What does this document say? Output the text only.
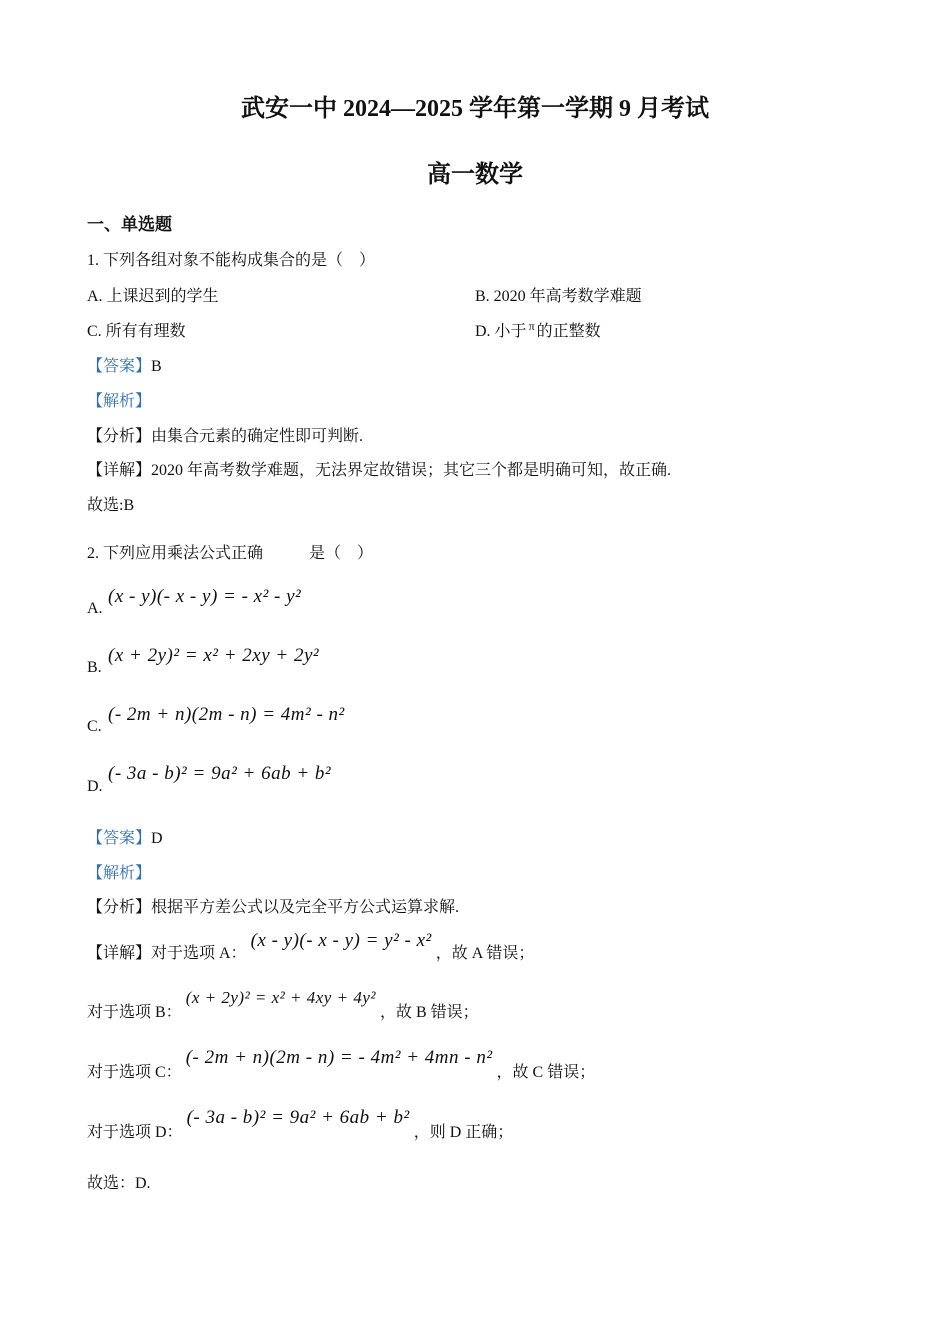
武安一中 2024—2025 学年第一学期 9 月考试
高一数学
一、单选题
1. 下列各组对象不能构成集合的是（　）
A. 上课迟到的学生	B. 2020 年高考数学难题
C. 所有有理数	D. 小于 $^\pi$ 的正整数
【答案】B
【解析】
【分析】由集合元素的确定性即可判断.
【详解】2020 年高考数学难题，无法界定故错误；其它三个都是明确可知，故正确.
故选:B
2. 下列应用乘法公式正确	是（　）
A.
(x - y)(- x - y) = - x² - y²
B.
(x + 2y)² = x² + 2xy + 2y²
C.
(- 2m + n)(2m - n) = 4m² - n²
D.
(- 3a - b)² = 9a² + 6ab + b²
【答案】D
【解析】
【分析】根据平方差公式以及完全平方公式运算求解.
【详解】对于选项 A：(x - y)(- x - y) = y² - x²，故 A 错误；
对于选项 B：(x + 2y)² = x² + 4xy + 4y²，故 B 错误；
对于选项 C：(- 2m + n)(2m - n) = - 4m² + 4mn - n²，故 C 错误；
对于选项 D：(- 3a - b)² = 9a² + 6ab + b²，则 D 正确；
故选：D.
